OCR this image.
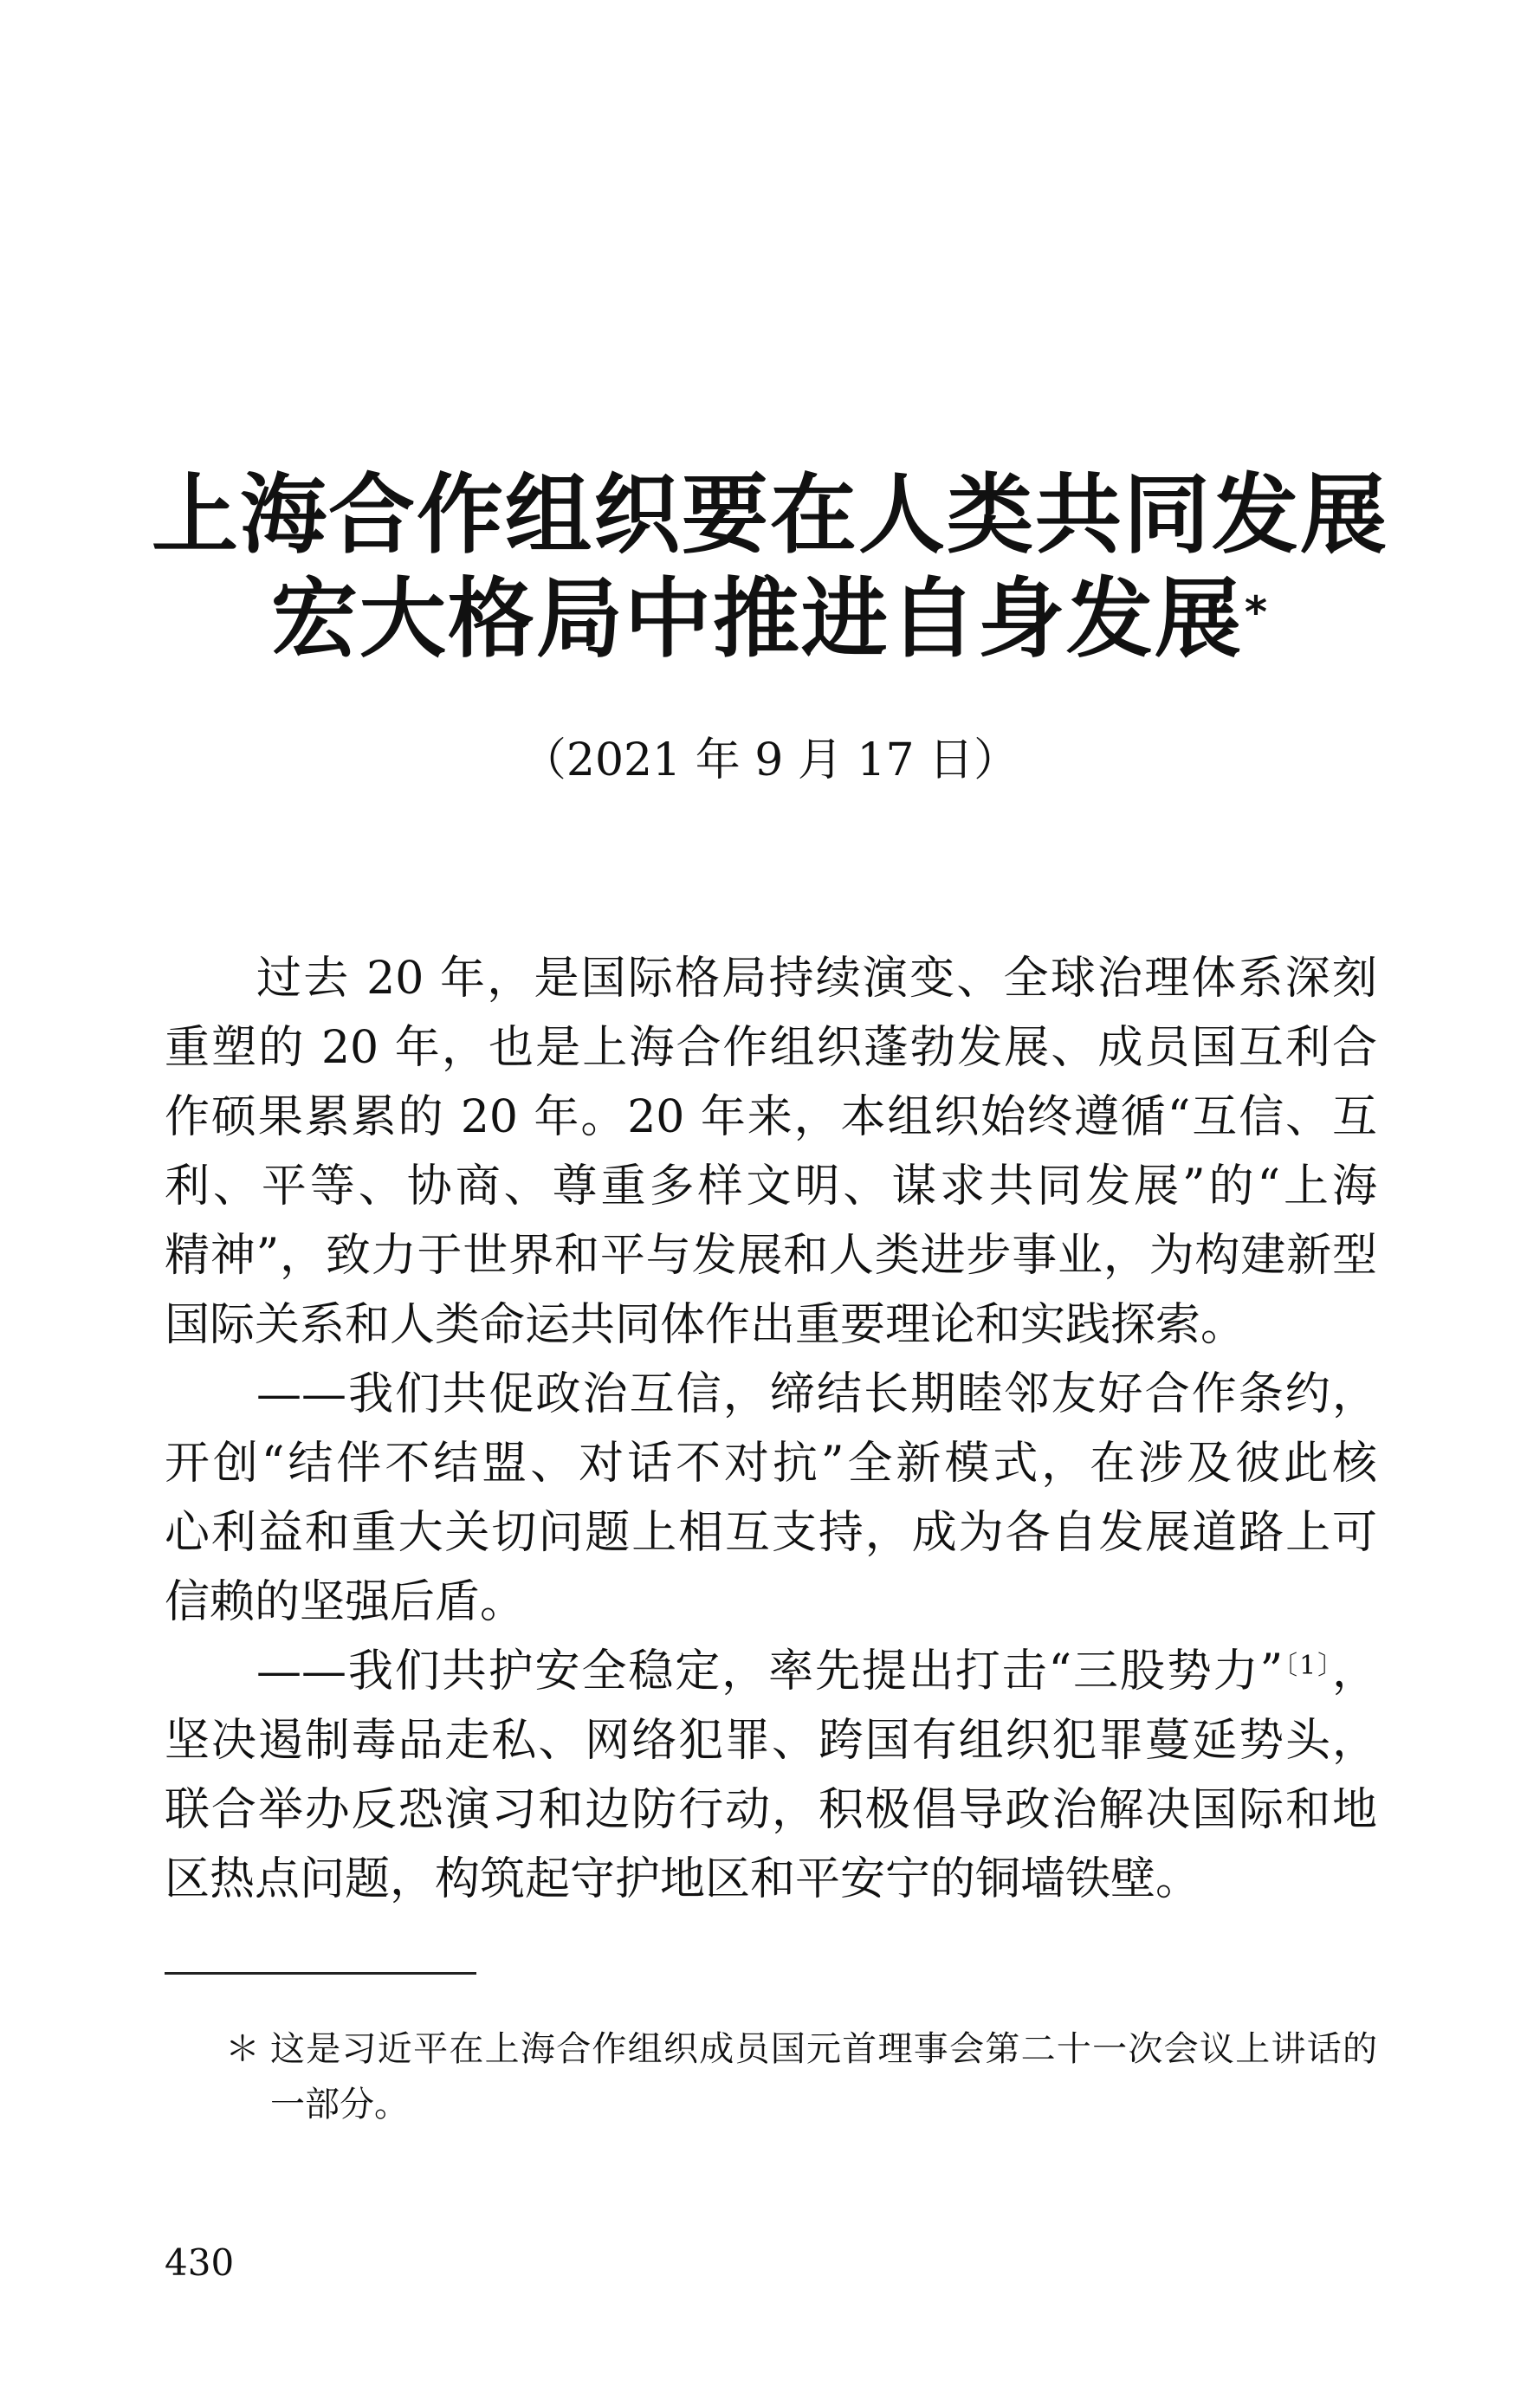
上海合作组织要在人类共同发展
宏大格局中推进自身发展*
（2021 年 9 月 17 日）
过去 20 年，是国际格局持续演变、全球治理体系深刻
重塑的 20 年，也是上海合作组织蓬勃发展、成员国互利合
作硕果累累的 20 年。20 年来，本组织始终遵循“互信、互
利、平等、协商、尊重多样文明、谋求共同发展”的“上海
精神”，致力于世界和平与发展和人类进步事业，为构建新型
国际关系和人类命运共同体作出重要理论和实践探索。
——我们共促政治互信，缔结长期睦邻友好合作条约，
开创“结伴不结盟、对话不对抗”全新模式，在涉及彼此核
心利益和重大关切问题上相互支持，成为各自发展道路上可
信赖的坚强后盾。
——我们共护安全稳定，率先提出打击“三股势力”$^{〔1〕}$，
坚决遏制毒品走私、网络犯罪、跨国有组织犯罪蔓延势头，
联合举办反恐演习和边防行动，积极倡导政治解决国际和地
区热点问题，构筑起守护地区和平安宁的铜墙铁壁。
＊ 这是习近平在上海合作组织成员国元首理事会第二十一次会议上讲话的
一部分。
430
